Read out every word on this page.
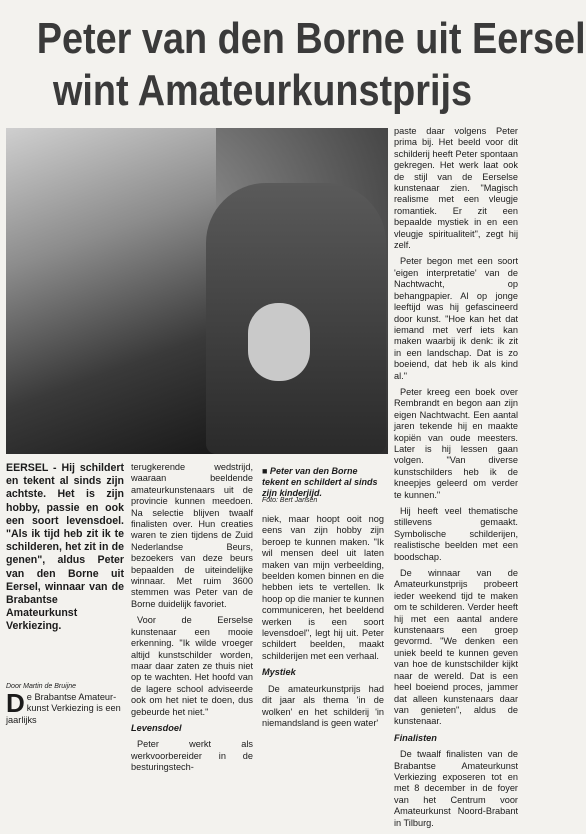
Peter van den Borne uit Eersel
wint Amateurkunstprijs

EERSEL - Hij schildert en tekent al sinds zijn achtste. Het is zijn hobby, passie en ook een soort levensdoel. "Als ik tijd heb zit ik te schilderen, het zit in de genen", aldus Peter van den Borne uit Eersel, winnaar van de Brabantse Amateurkunst Verkiezing.

Door Martin de Bruijne
D e Brabantse Amateur-kunst Verkiezing is een jaarlijks

terugkerende wedstrijd, waaraan beeldende amateurkunstenaars uit de provincie kunnen meedoen. Na selectie blijven twaalf finalisten over. Hun creaties waren te zien tijdens de Zuid Nederlandse Beurs, bezoekers van deze beurs bepaalden de uiteindelijke winnaar. Met ruim 3600 stemmen was Peter van de Borne duidelijk favoriet.

Voor de Eerselse kunstenaar een mooie erkenning. "Ik wilde vroeger altijd kunstschilder worden, maar daar zaten ze thuis niet op te wachten. Het hoofd van de lagere school adviseerde ook om het niet te doen, dus gebeurde het niet."

Levensdoel

Peter werkt als werkvoorbereider in de besturingstech-

■ Peter van den Borne tekent en schildert al sinds zijn kinderjijd.
Foto: Bert Jansen

niek, maar hoopt ooit nog eens van zijn hobby zijn beroep te kunnen maken. "Ik wil mensen deel uit laten maken van mijn verbeelding, beelden komen binnen en die hebben iets te vertellen. Ik hoop op die manier te kunnen communiceren, het beeldend werken is een soort levensdoel", legt hij uit. Peter schildert beelden, maakt schilderijen met een verhaal.

Mystiek

De amateurkunstprijs had dit jaar als thema 'in de wolken' en het schilderij 'in niemandsland is geen water'

paste daar volgens Peter prima bij. Het beeld voor dit schilderij heeft Peter spontaan gekregen. Het werk laat ook de stijl van de Eerselse kunstenaar zien. "Magisch realisme met een vleugje romantiek. Er zit een bepaalde mystiek in en een vleugje spiritualiteit", zegt hij zelf.

Peter begon met een soort 'eigen interpretatie' van de Nachtwacht, op behangpapier. Al op jonge leeftijd was hij gefascineerd door kunst. "Hoe kan het dat iemand met verf iets kan maken waarbij ik denk: ik zit in een landschap. Dat is zo boeiend, dat heb ik als kind al."

Peter kreeg een boek over Rembrandt en begon aan zijn eigen Nachtwacht. Een aantal jaren tekende hij en maakte kopiën van oude meesters. Later is hij lessen gaan volgen. "Van diverse kunstschilders heb ik de kneepjes geleerd om verder te kunnen."

Hij heeft veel thematische stillevens gemaakt. Symbolische schilderijen, realistische beelden met een boodschap.

De winnaar van de Amateurkunstprijs probeert ieder weekend tijd te maken om te schilderen. Verder heeft hij met een aantal andere kunstenaars een groep gevormd. "We denken een uniek beeld te kunnen geven van hoe de kunstschilder kijkt naar de wereld. Dat is een heel boeiend proces, jammer dat alleen kunstenaars daar van genieten", aldus de kunstenaar.

Finalisten

De twaalf finalisten van de Brabantse Amateurkunst Verkiezing exposeren tot en met 8 december in de foyer van het Centrum voor Amateurkunst Noord-Brabant in Tilburg.
